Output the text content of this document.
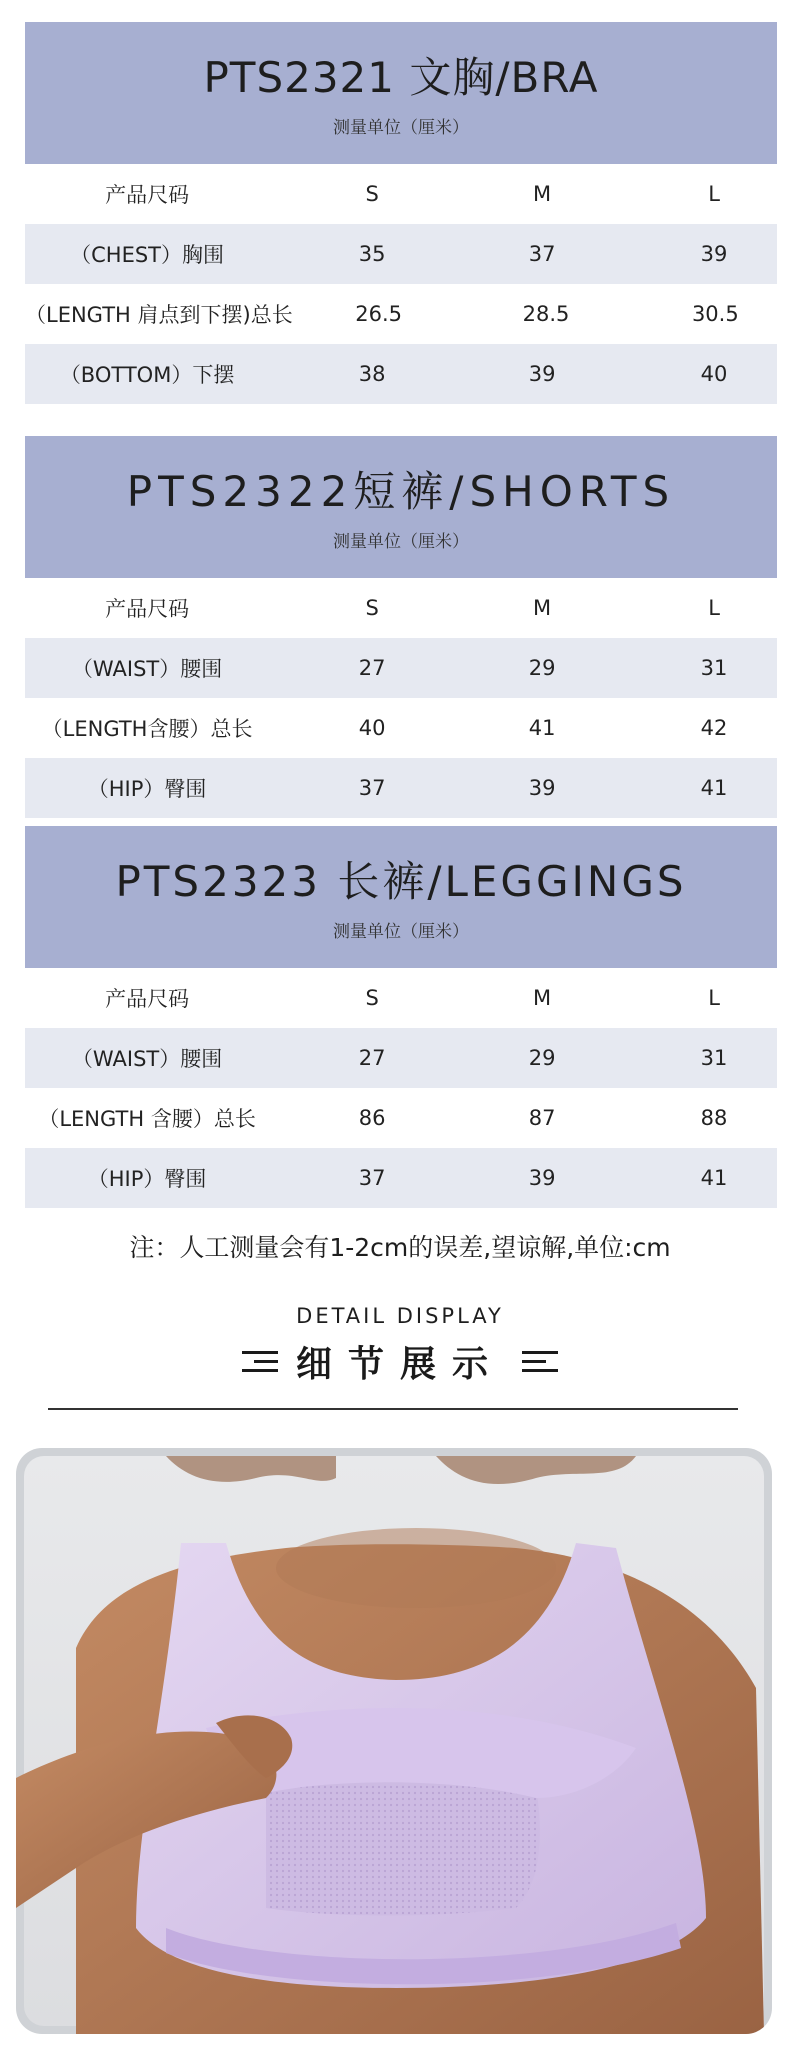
PTS2321 文胸/BRA
测量单位（厘米）
产品尺码	S	M	L
（CHEST）胸围	35	37	39
（LENGTH 肩点到下摆)总长	26.5	28.5	30.5
（BOTTOM）下摆	38	39	40
PTS2322短裤/SHORTS
测量单位（厘米）
产品尺码	S	M	L
（WAIST）腰围	27	29	31
（LENGTH含腰）总长	40	41	42
（HIP）臀围	37	39	41
PTS2323 长裤/LEGGINGS
测量单位（厘米）
产品尺码	S	M	L
（WAIST）腰围	27	29	31
（LENGTH 含腰）总长	86	87	88
（HIP）臀围	37	39	41
注：人工测量会有1-2cm的误差,望谅解,单位:cm
DETAIL DISPLAY
细节展示
